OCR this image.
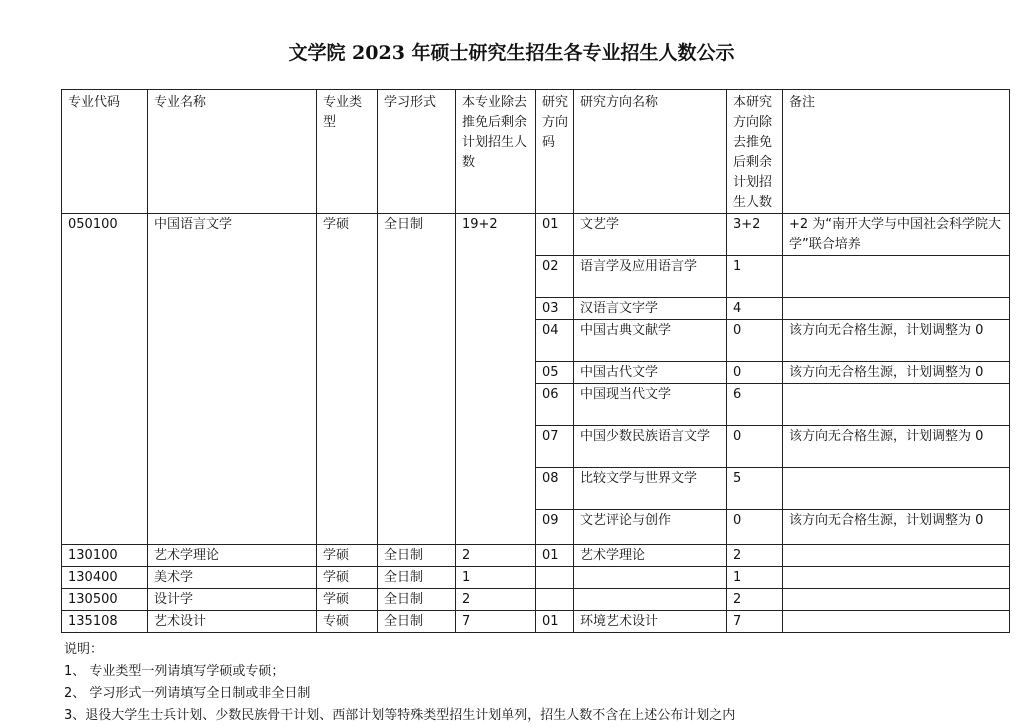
文学院 2023 年硕士研究生招生各专业招生人数公示
专业代码	专业名称	专业类型	学习形式	本专业除去推免后剩余计划招生人数	研究方向码	研究方向名称	本研究方向除去推免后剩余计划招生人数	备注
050100	中国语言文学	学硕	全日制	19+2	01	文艺学	3+2	+2 为“南开大学与中国社会科学院大学”联合培养
					02	语言学及应用语言学	1	
					03	汉语言文字学	4	
					04	中国古典文献学	0	该方向无合格生源，计划调整为 0
					05	中国古代文学	0	该方向无合格生源，计划调整为 0
					06	中国现当代文学	6	
					07	中国少数民族语言文学	0	该方向无合格生源，计划调整为 0
					08	比较文学与世界文学	5	
					09	文艺评论与创作	0	该方向无合格生源，计划调整为 0
130100	艺术学理论	学硕	全日制	2	01	艺术学理论	2	
130400	美术学	学硕	全日制	1			1	
130500	设计学	学硕	全日制	2			2	
135108	艺术设计	专硕	全日制	7	01	环境艺术设计	7	
说明：
1、 专业类型一列请填写学硕或专硕；
2、 学习形式一列请填写全日制或非全日制
3、退役大学生士兵计划、少数民族骨干计划、西部计划等特殊类型招生计划单列，招生人数不含在上述公布计划之内
